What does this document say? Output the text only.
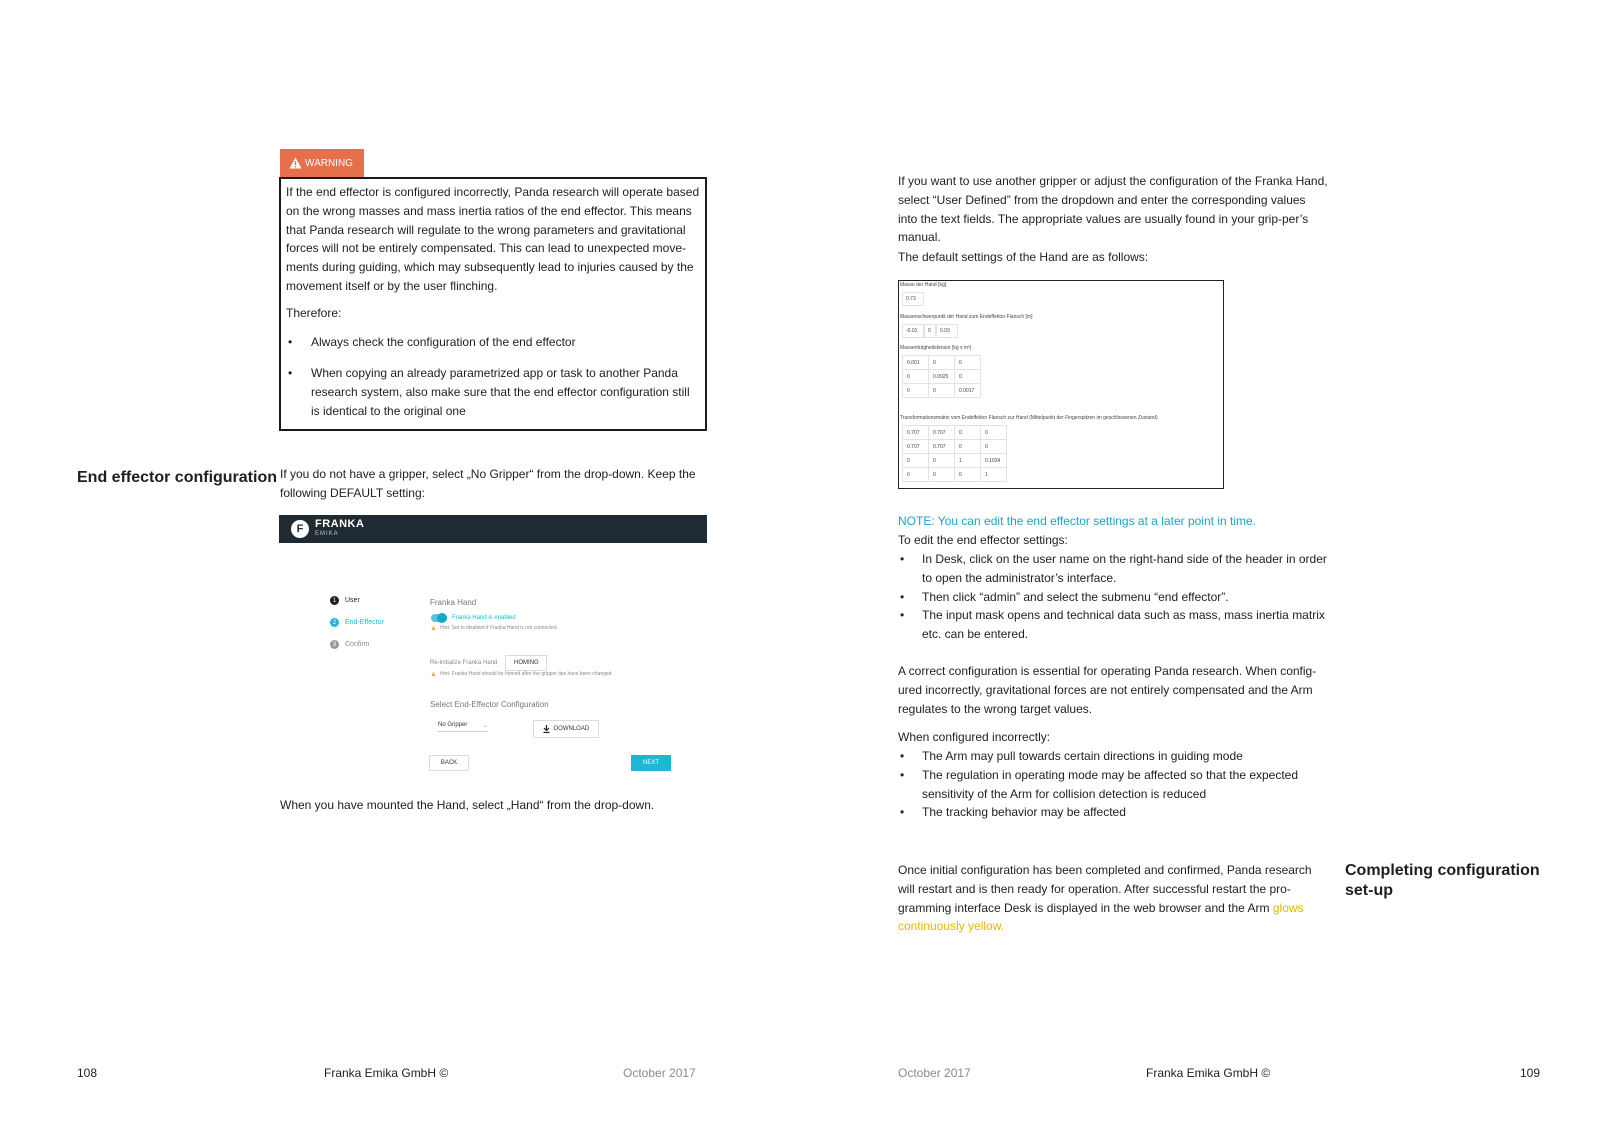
WARNING

If the end effector is configured incorrectly, Panda research will operate based on the wrong masses and mass inertia ratios of the end effector. This means that Panda research will regulate to the wrong parameters and gravitational forces will not be entirely compensated. This can lead to unexpected move-ments during guiding, which may subsequently lead to injuries caused by the movement itself or by the user flinching.

Therefore:

• Always check the configuration of the end effector
• When copying an already parametrized app or task to another Panda research system, also make sure that the end effector configuration still is identical to the original one
End effector configuration If you do not have a gripper, select „No Gripper“ from the drop-down. Keep the following DEFAULT setting:
F	FRANKA
EMIKA
1	User
2	End-Effector
3	Confirm
Franka Hand
Franka Hand is enabled
▲ Hint: Set to disabled if Franka Hand is not connected.
Re-initialize Franka Hand	HOMING
▲ Hint: Franka Hand should be homed after the gripper tips have been changed.
Select End-Effector Configuration
No Gripper	⌄	DOWNLOAD
BACK	NEXT
When you have mounted the Hand, select „Hand“ from the drop-down.
108	Franka Emika GmbH ©	October 2017
If you want to use another gripper or adjust the configuration of the Franka Hand, select “User Defined” from the dropdown and enter the corresponding values into the text fields. The appropriate values are usually found in your grip-per’s manual.
The default settings of the Hand are as follows:
Masse der Hand [kg]
0.73
Massenschwerpunkt der Hand zum Endeffektor Flansch [m]
-0.01	0	0.03
Massenträgheitstensor [kg x m²]
0.001	0	0
0	0.0025	0
0	0	0.0017
Transformationsmatrix vom Endeffektor Flansch zur Hand (Mittelpunkt der Fingerspitzen im geschlossenen Zustand)
0.707	0.707	0	0
0.707	0.707	0	0
0	0	1	0.1034
0	0	0	1
NOTE: You can edit the end effector settings at a later point in time.
To edit the end effector settings:
• In Desk, click on the user name on the right-hand side of the header in order to open the administrator’s interface.
• Then click “admin” and select the submenu “end effector”.
• The input mask opens and technical data such as mass, mass inertia matrix etc. can be entered.
A correct configuration is essential for operating Panda research. When config-ured incorrectly, gravitational forces are not entirely compensated and the Arm regulates to the wrong target values.
When configured incorrectly:
• The Arm may pull towards certain directions in guiding mode
• The regulation in operating mode may be affected so that the expected sensitivity of the Arm for collision detection is reduced
• The tracking behavior may be affected
Once initial configuration has been completed and confirmed, Panda research will restart and is then ready for operation. After successful restart the pro-gramming interface Desk is displayed in the web browser and the Arm glows continuously yellow.
Completing configuration set-up
October 2017	Franka Emika GmbH ©	109
